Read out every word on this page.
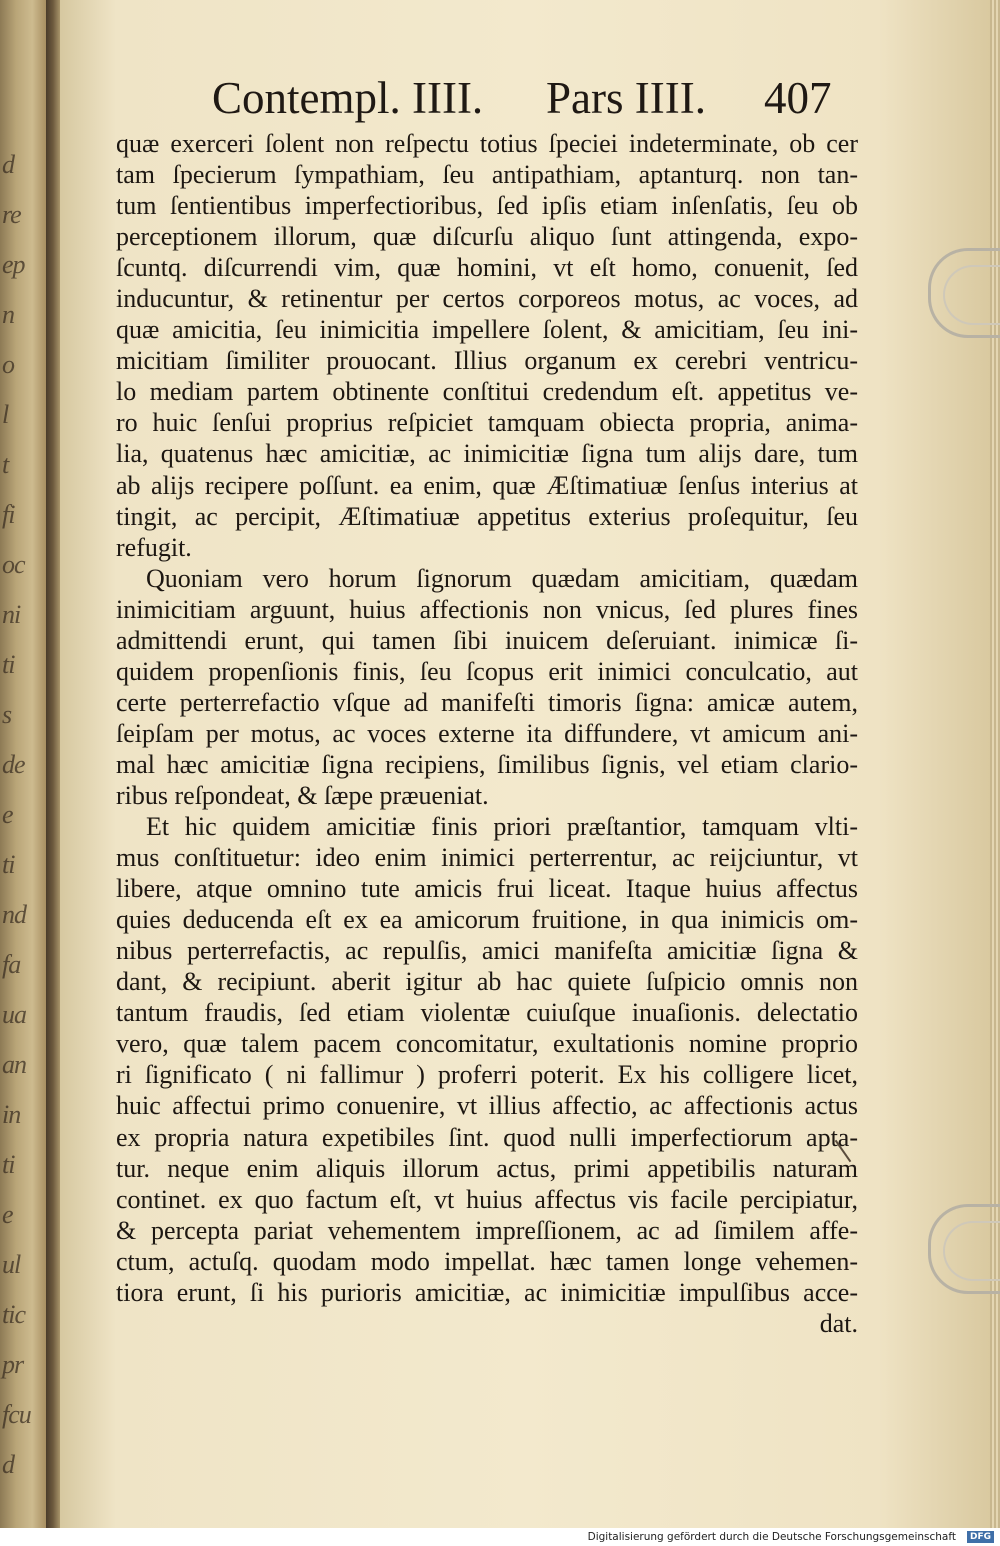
d
re
ep
n
o
l
t
fi
oc
ni
ti
s
de
e
ti
nd
fa
ua
an
in
ti
e
ul
tic
pr
fcu
d
Contempl. IIII. Pars IIII. 407
quæ exerceri ſolent non reſpectu totius ſpeciei indeterminate, ob cer
tam ſpecierum ſympathiam, ſeu antipathiam, aptanturq. non tan-
tum ſentientibus imperfectioribus, ſed ipſis etiam inſenſatis, ſeu ob
perceptionem illorum, quæ diſcurſu aliquo ſunt attingenda, expo-
ſcuntq. diſcurrendi vim, quæ homini, vt eſt homo, conuenit, ſed
inducuntur, & retinentur per certos corporeos motus, ac voces, ad
quæ amicitia, ſeu inimicitia impellere ſolent, & amicitiam, ſeu ini-
micitiam ſimiliter prouocant. Illius organum ex cerebri ventricu-
lo mediam partem obtinente conſtitui credendum eſt. appetitus ve-
ro huic ſenſui proprius reſpiciet tamquam obiecta propria, anima-
lia, quatenus hæc amicitiæ, ac inimicitiæ ſigna tum alijs dare, tum
ab alijs recipere poſſunt. ea enim, quæ Æſtimatiuæ ſenſus interius at
tingit, ac percipit, Æſtimatiuæ appetitus exterius proſequitur, ſeu
refugit.
Quoniam vero horum ſignorum quædam amicitiam, quædam
inimicitiam arguunt, huius affectionis non vnicus, ſed plures fines
admittendi erunt, qui tamen ſibi inuicem deſeruiant. inimicæ ſi-
quidem propenſionis finis, ſeu ſcopus erit inimici conculcatio, aut
certe perterrefactio vſque ad manifeſti timoris ſigna: amicæ autem,
ſeipſam per motus, ac voces externe ita diffundere, vt amicum ani-
mal hæc amicitiæ ſigna recipiens, ſimilibus ſignis, vel etiam clario-
ribus reſpondeat, & ſæpe præueniat.
Et hic quidem amicitiæ finis priori præſtantior, tamquam vlti-
mus conſtituetur: ideo enim inimici perterrentur, ac reijciuntur, vt
libere, atque omnino tute amicis frui liceat. Itaque huius affectus
quies deducenda eſt ex ea amicorum fruitione, in qua inimicis om-
nibus perterrefactis, ac repulſis, amici manifeſta amicitiæ ſigna &
dant, & recipiunt. aberit igitur ab hac quiete ſuſpicio omnis non
tantum fraudis, ſed etiam violentæ cuiuſque inuaſionis. delectatio
vero, quæ talem pacem concomitatur, exultationis nomine proprio
ri ſignificato ( ni fallimur ) proferri poterit. Ex his colligere licet,
huic affectui primo conuenire, vt illius affectio, ac affectionis actus
ex propria natura expetibiles ſint. quod nulli imperfectiorum apta-
tur. neque enim aliquis illorum actus, primi appetibilis naturam
continet. ex quo factum eſt, vt huius affectus vis facile percipiatur,
& percepta pariat vehementem impreſſionem, ac ad ſimilem affe-
ctum, actuſq. quodam modo impellat. hæc tamen longe vehemen-
tiora erunt, ſi his purioris amicitiæ, ac inimicitiæ impulſibus acce-
dat.
Digitalisierung gefördert durch die Deutsche Forschungsgemeinschaft	DFG
